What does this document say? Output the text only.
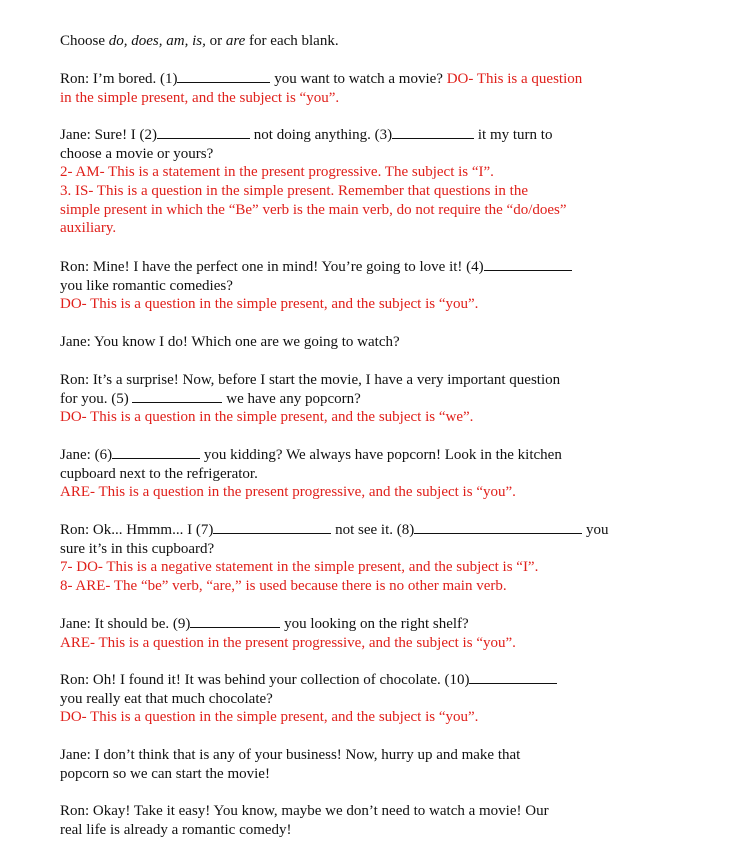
Choose do, does, am, is, or are for each blank.
Ron: I’m bored. (1)	you want to watch a movie? DO- This is a question
in the simple present, and the subject is “you”.
Jane: Sure! I (2)	not doing anything. (3)	it my turn to
choose a movie or yours?
2- AM- This is a statement in the present progressive. The subject is “I”.
3. IS- This is a question in the simple present. Remember that questions in the
simple present in which the “Be” verb is the main verb, do not require the “do/does”
auxiliary.
Ron: Mine! I have the perfect one in mind! You’re going to love it! (4)
you like romantic comedies?
DO- This is a question in the simple present, and the subject is “you”.
Jane: You know I do! Which one are we going to watch?
Ron: It’s a surprise! Now, before I start the movie, I have a very important question
for you. (5)	we have any popcorn?
DO- This is a question in the simple present, and the subject is “we”.
Jane: (6)	you kidding? We always have popcorn! Look in the kitchen
cupboard next to the refrigerator.
ARE- This is a question in the present progressive, and the subject is “you”.
Ron: Ok... Hmmm... I (7)	not see it. (8)	you
sure it’s in this cupboard?
7- DO- This is a negative statement in the simple present, and the subject is “I”.
8- ARE- The “be” verb, “are,” is used because there is no other main verb.
Jane: It should be. (9)	you looking on the right shelf?
ARE- This is a question in the present progressive, and the subject is “you”.
Ron: Oh! I found it! It was behind your collection of chocolate. (10)
you really eat that much chocolate?
DO- This is a question in the simple present, and the subject is “you”.
Jane: I don’t think that is any of your business! Now, hurry up and make that
popcorn so we can start the movie!
Ron: Okay! Take it easy! You know, maybe we don’t need to watch a movie! Our
real life is already a romantic comedy!
